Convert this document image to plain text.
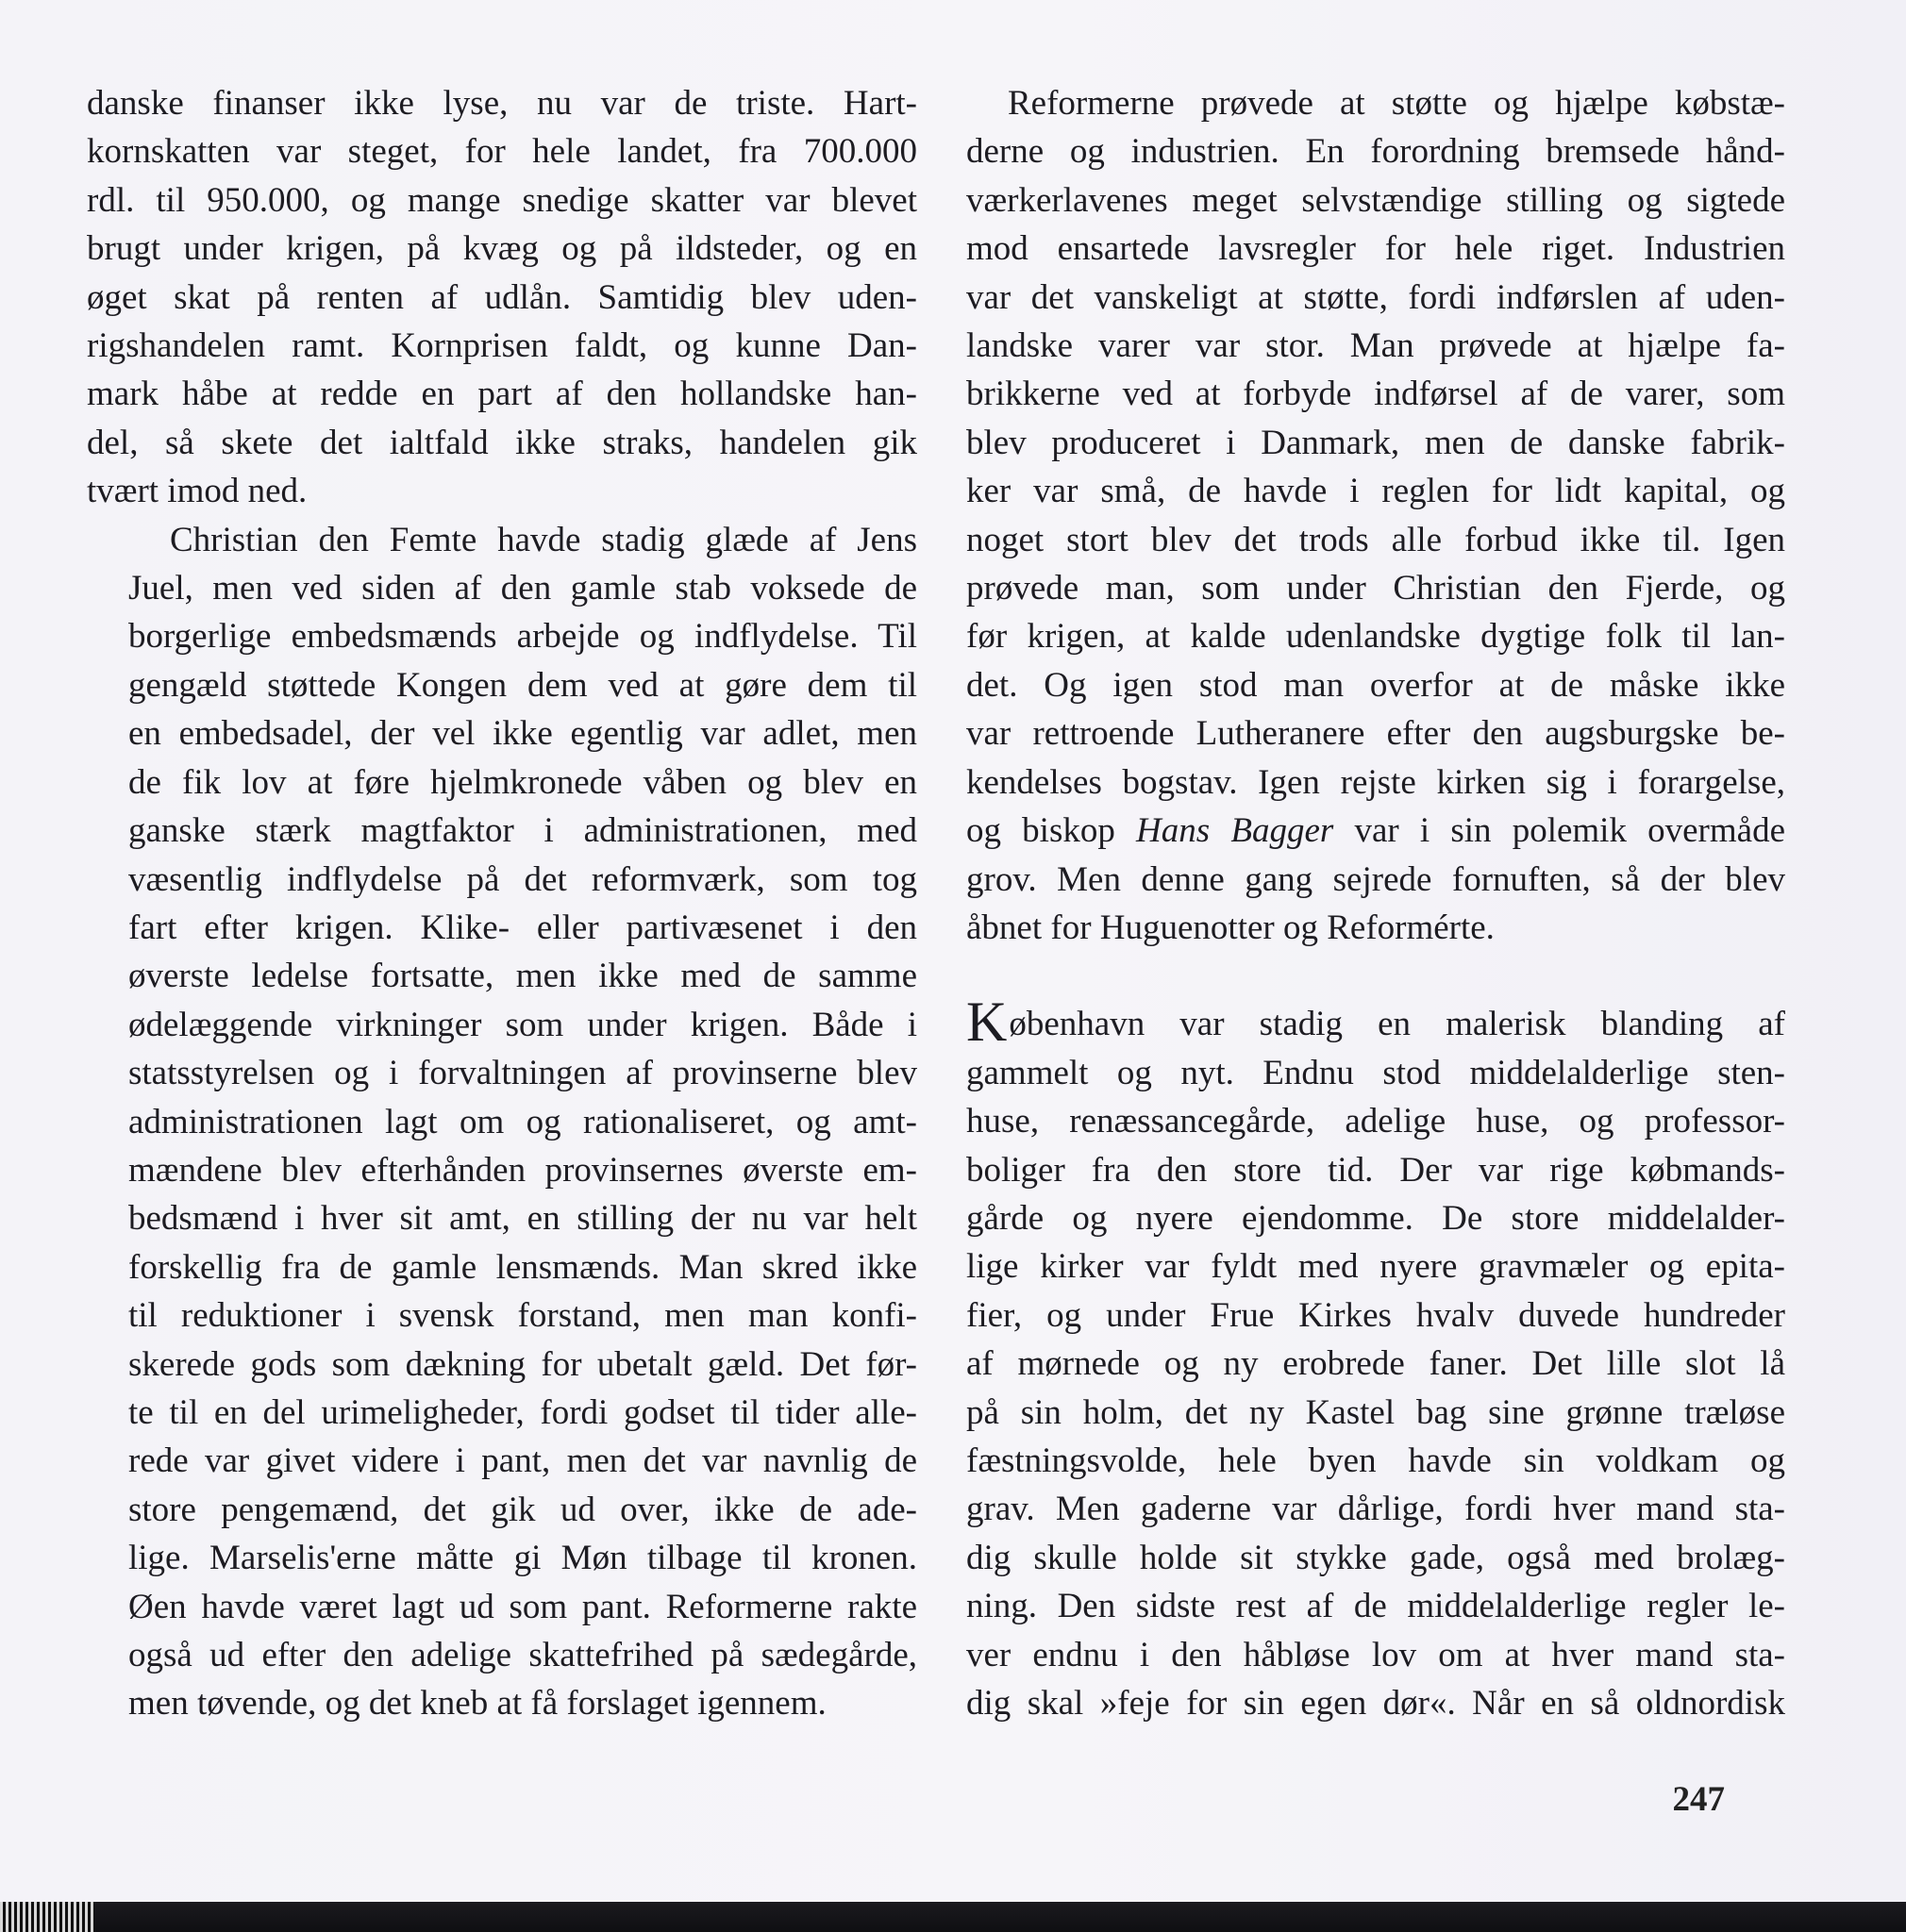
danske finanser ikke lyse, nu var de triste. Hart-
kornskatten var steget, for hele landet, fra 700.000
rdl. til 950.000, og mange snedige skatter var blevet
brugt under krigen, på kvæg og på ildsteder, og en
øget skat på renten af udlån. Samtidig blev uden-
rigshandelen ramt. Kornprisen faldt, og kunne Dan-
mark håbe at redde en part af den hollandske han-
del, så skete det ialtfald ikke straks, handelen gik
tvært imod ned.

Christian den Femte havde stadig glæde af Jens
Juel, men ved siden af den gamle stab voksede de
borgerlige embedsmænds arbejde og indflydelse. Til
gengæld støttede Kongen dem ved at gøre dem til
en embedsadel, der vel ikke egentlig var adlet, men
de fik lov at føre hjelmkronede våben og blev en
ganske stærk magtfaktor i administrationen, med
væsentlig indflydelse på det reformværk, som tog
fart efter krigen. Klike- eller partivæsenet i den
øverste ledelse fortsatte, men ikke med de samme
ødelæggende virkninger som under krigen. Både i
statsstyrelsen og i forvaltningen af provinserne blev
administrationen lagt om og rationaliseret, og amt-
mændene blev efterhånden provinsernes øverste em-
bedsmænd i hver sit amt, en stilling der nu var helt
forskellig fra de gamle lensmænds. Man skred ikke
til reduktioner i svensk forstand, men man konfi-
skerede gods som dækning for ubetalt gæld. Det før-
te til en del urimeligheder, fordi godset til tider alle-
rede var givet videre i pant, men det var navnlig de
store pengemænd, det gik ud over, ikke de ade-
lige. Marselis'erne måtte gi Møn tilbage til kronen.
Øen havde været lagt ud som pant. Reformerne rakte
også ud efter den adelige skattefrihed på sædegårde,
men tøvende, og det kneb at få forslaget igennem.

Reformerne prøvede at støtte og hjælpe købstæ-
derne og industrien. En forordning bremsede hånd-
værkerlavenes meget selvstændige stilling og sigtede
mod ensartede lavsregler for hele riget. Industrien
var det vanskeligt at støtte, fordi indførslen af uden-
landske varer var stor. Man prøvede at hjælpe fa-
brikkerne ved at forbyde indførsel af de varer, som
blev produceret i Danmark, men de danske fabrik-
ker var små, de havde i reglen for lidt kapital, og
noget stort blev det trods alle forbud ikke til. Igen
prøvede man, som under Christian den Fjerde, og
før krigen, at kalde udenlandske dygtige folk til lan-
det. Og igen stod man overfor at de måske ikke
var rettroende Lutheranere efter den augsburgske be-
kendelses bogstav. Igen rejste kirken sig i forargelse,
og biskop Hans Bagger var i sin polemik overmåde
grov. Men denne gang sejrede fornuften, så der blev
åbnet for Huguenotter og Reformérte.

København var stadig en malerisk blanding af
gammelt og nyt. Endnu stod middelalderlige sten-
huse, renæssancegårde, adelige huse, og professor-
boliger fra den store tid. Der var rige købmands-
gårde og nyere ejendomme. De store middelalder-
lige kirker var fyldt med nyere gravmæler og epita-
fier, og under Frue Kirkes hvalv duvede hundreder
af mørnede og ny erobrede faner. Det lille slot lå
på sin holm, det ny Kastel bag sine grønne træløse
fæstningsvolde, hele byen havde sin voldkam og
grav. Men gaderne var dårlige, fordi hver mand sta-
dig skulle holde sit stykke gade, også med brolæg-
ning. Den sidste rest af de middelalderlige regler le-
ver endnu i den håbløse lov om at hver mand sta-
dig skal »feje for sin egen dør«. Når en så oldnordisk

247
